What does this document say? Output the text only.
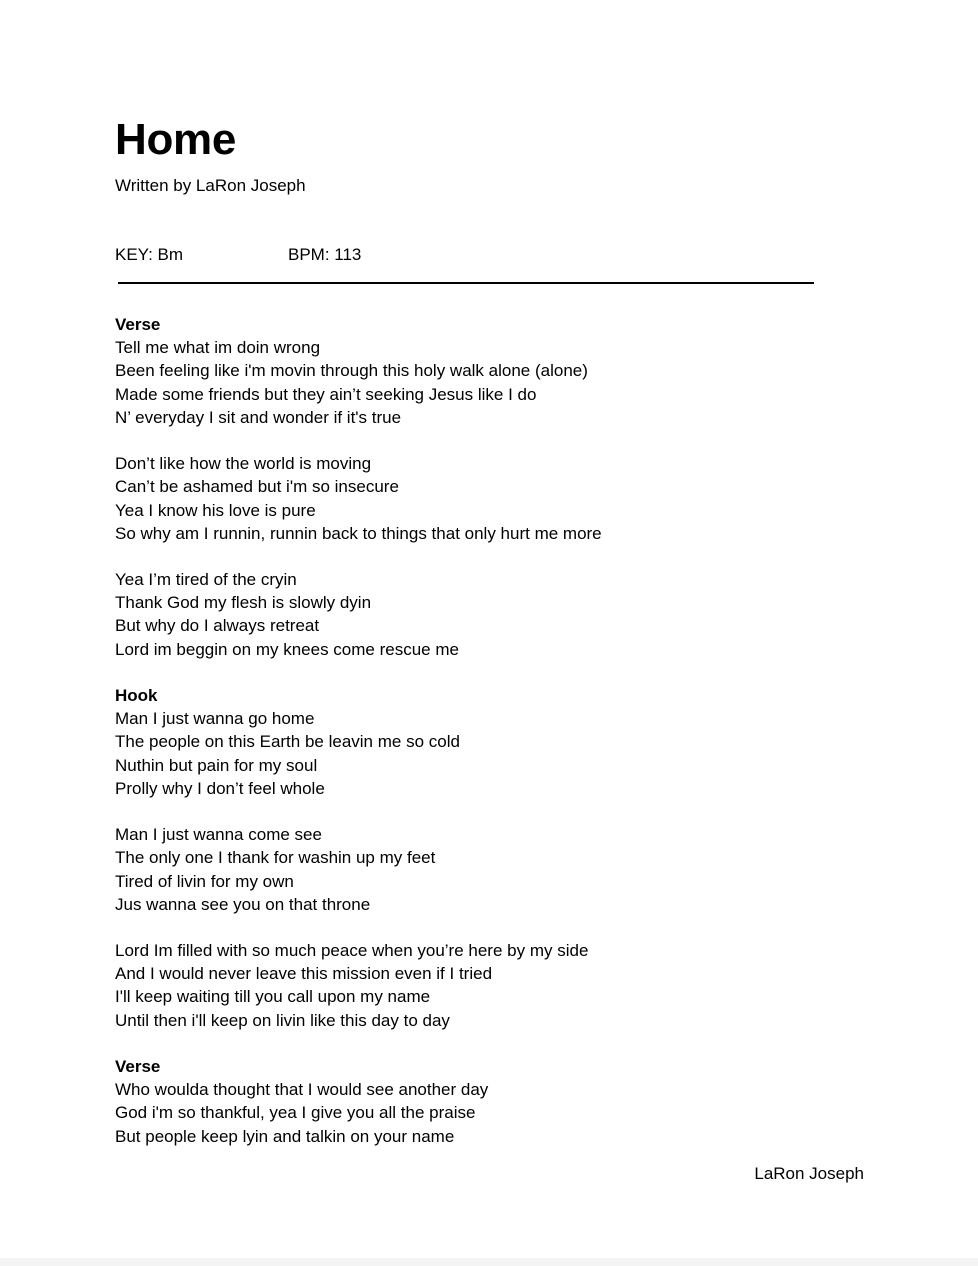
Home
Written by LaRon Joseph
KEY: Bm	BPM: 113
Verse
Tell me what im doin wrong
Been feeling like i'm movin through this holy walk alone (alone)
Made some friends but they ain’t seeking Jesus like I do
N’ everyday I sit and wonder if it's true
Don’t like how the world is moving
Can’t be ashamed but i'm so insecure
Yea I know his love is pure
So why am I runnin, runnin back to things that only hurt me more
Yea I’m tired of the cryin
Thank God my flesh is slowly dyin
But why do I always retreat
Lord im beggin on my knees come rescue me
Hook
Man I just wanna go home
The people on this Earth be leavin me so cold
Nuthin but pain for my soul
Prolly why I don’t feel whole
Man I just wanna come see
The only one I thank for washin up my feet
Tired of livin for my own
Jus wanna see you on that throne
Lord Im filled with so much peace when you’re here by my side
And I would never leave this mission even if I tried
I'll keep waiting till you call upon my name
Until then i'll keep on livin like this day to day
Verse
Who woulda thought that I would see another day
God i'm so thankful, yea I give you all the praise
But people keep lyin and talkin on your name
LaRon Joseph
